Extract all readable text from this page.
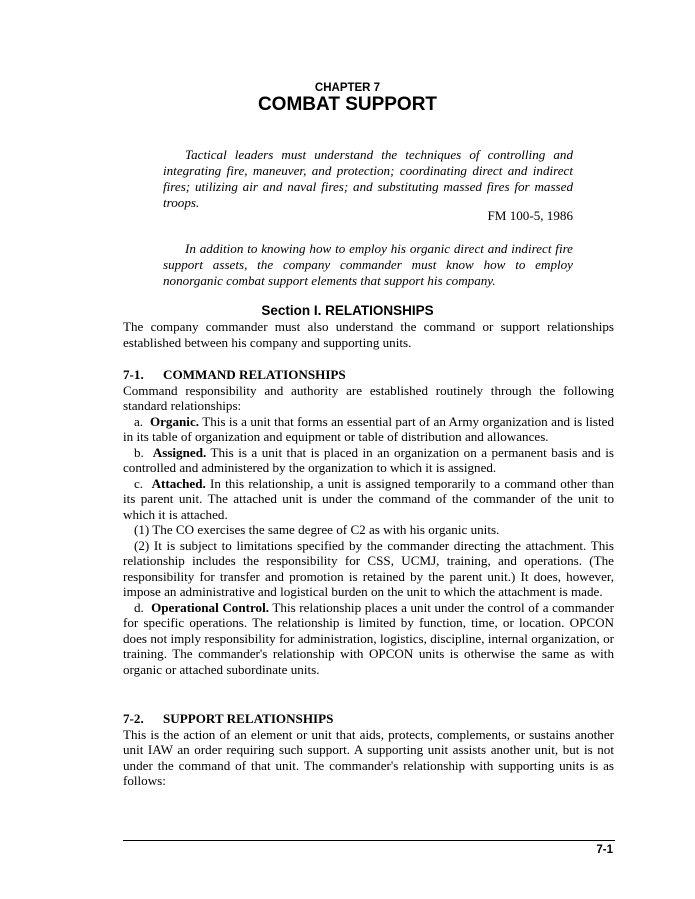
CHAPTER 7
COMBAT SUPPORT

Tactical leaders must understand the techniques of controlling and integrating fire, maneuver, and protection; coordinating direct and indirect fires; utilizing air and naval fires; and substituting massed fires for massed troops.

FM 100-5, 1986

In addition to knowing how to employ his organic direct and indirect fire support assets, the company commander must know how to employ nonorganic combat support elements that support his company.

Section I. RELATIONSHIPS

The company commander must also understand the command or support relationships established between his company and supporting units.

7-1. COMMAND RELATIONSHIPS

Command responsibility and authority are established routinely through the following standard relationships:

a. Organic. This is a unit that forms an essential part of an Army organization and is listed in its table of organization and equipment or table of distribution and allowances.

b. Assigned. This is a unit that is placed in an organization on a permanent basis and is controlled and administered by the organization to which it is assigned.

c. Attached. In this relationship, a unit is assigned temporarily to a command other than its parent unit. The attached unit is under the command of the commander of the unit to which it is attached.

(1) The CO exercises the same degree of C2 as with his organic units.

(2) It is subject to limitations specified by the commander directing the attachment. This relationship includes the responsibility for CSS, UCMJ, training, and operations. (The responsibility for transfer and promotion is retained by the parent unit.) It does, however, impose an administrative and logistical burden on the unit to which the attachment is made.

d. Operational Control. This relationship places a unit under the control of a commander for specific operations. The relationship is limited by function, time, or location. OPCON does not imply responsibility for administration, logistics, discipline, internal organization, or training. The commander's relationship with OPCON units is otherwise the same as with organic or attached subordinate units.

7-2. SUPPORT RELATIONSHIPS

This is the action of an element or unit that aids, protects, complements, or sustains another unit IAW an order requiring such support. A supporting unit assists another unit, but is not under the command of that unit. The commander's relationship with supporting units is as follows:

7-1
